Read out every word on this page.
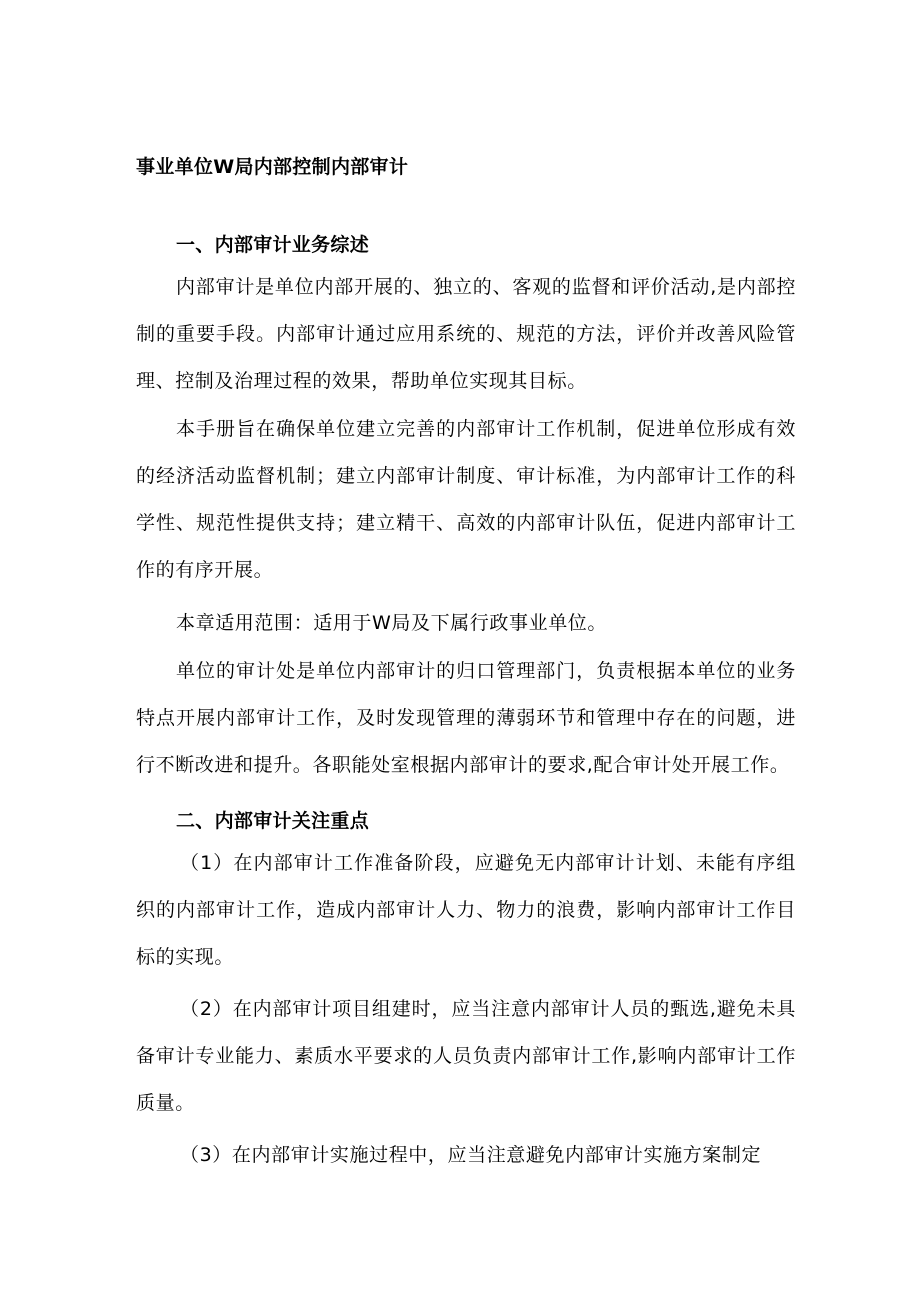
事业单位W局内部控制内部审计
一、内部审计业务综述
内部审计是单位内部开展的、独立的、客观的监督和评价活动,是内部控制的重要手段。内部审计通过应用系统的、规范的方法，评价并改善风险管理、控制及治理过程的效果，帮助单位实现其目标。
本手册旨在确保单位建立完善的内部审计工作机制，促进单位形成有效的经济活动监督机制；建立内部审计制度、审计标准，为内部审计工作的科学性、规范性提供支持；建立精干、高效的内部审计队伍，促进内部审计工作的有序开展。
本章适用范围：适用于W局及下属行政事业单位。
单位的审计处是单位内部审计的归口管理部门，负责根据本单位的业务特点开展内部审计工作，及时发现管理的薄弱环节和管理中存在的问题，进行不断改进和提升。各职能处室根据内部审计的要求,配合审计处开展工作。
二、内部审计关注重点
（1）在内部审计工作准备阶段，应避免无内部审计计划、未能有序组织的内部审计工作，造成内部审计人力、物力的浪费，影响内部审计工作目标的实现。
（2）在内部审计项目组建时，应当注意内部审计人员的甄选,避免未具备审计专业能力、素质水平要求的人员负责内部审计工作,影响内部审计工作质量。
（3）在内部审计实施过程中，应当注意避免内部审计实施方案制定
